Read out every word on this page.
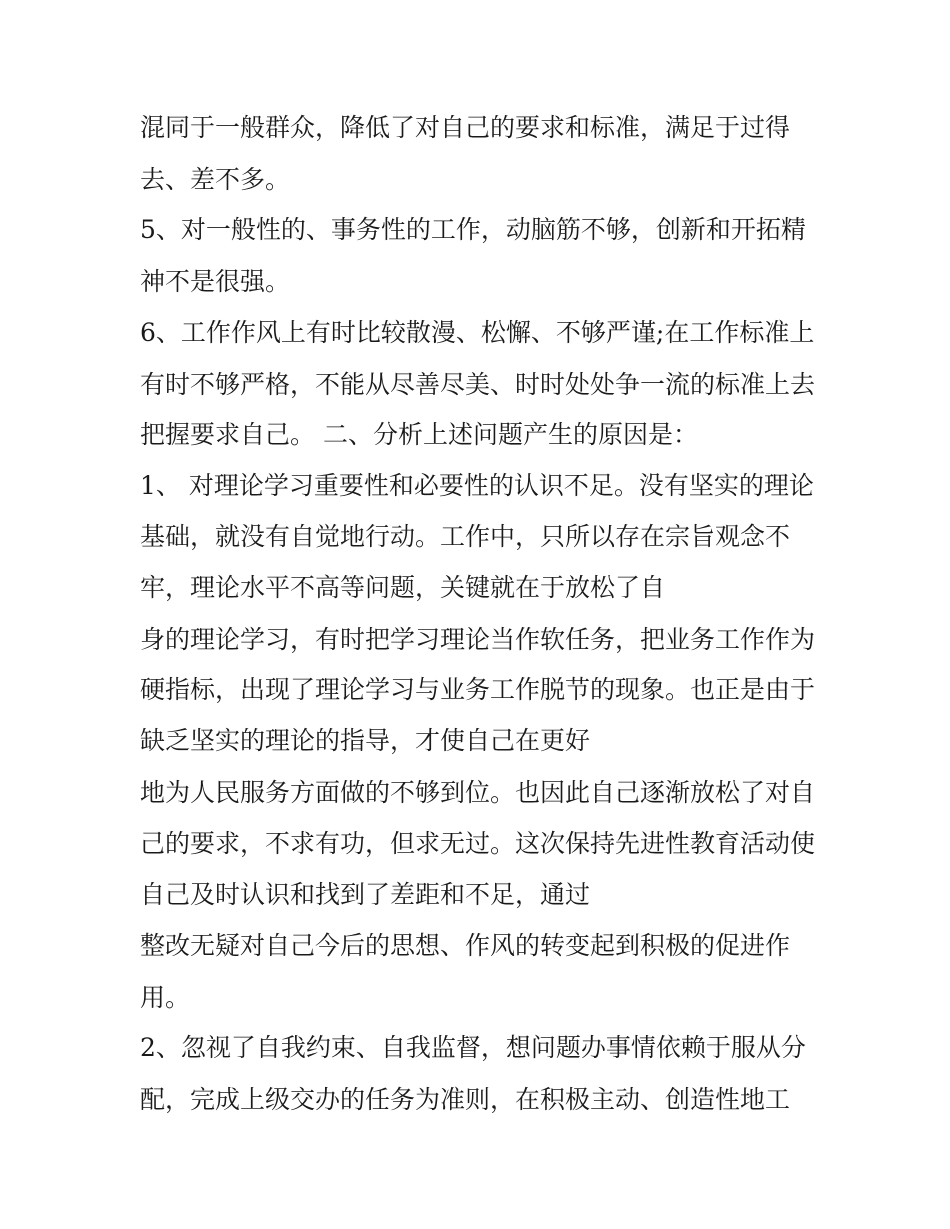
混同于一般群众，降低了对自己的要求和标准，满足于过得
去、差不多。
5、对一般性的、事务性的工作，动脑筋不够，创新和开拓精
神不是很强。
6、工作作风上有时比较散漫、松懈、不够严谨;在工作标准上
有时不够严格，不能从尽善尽美、时时处处争一流的标准上去
把握要求自己。 二、分析上述问题产生的原因是：
1、 对理论学习重要性和必要性的认识不足。没有坚实的理论
基础，就没有自觉地行动。工作中，只所以存在宗旨观念不
牢，理论水平不高等问题，关键就在于放松了自
身的理论学习，有时把学习理论当作软任务，把业务工作作为
硬指标，出现了理论学习与业务工作脱节的现象。也正是由于
缺乏坚实的理论的指导，才使自己在更好
地为人民服务方面做的不够到位。也因此自己逐渐放松了对自
己的要求，不求有功，但求无过。这次保持先进性教育活动使
自己及时认识和找到了差距和不足，通过
整改无疑对自己今后的思想、作风的转变起到积极的促进作
用。
2、忽视了自我约束、自我监督，想问题办事情依赖于服从分
配，完成上级交办的任务为准则，在积极主动、创造性地工
